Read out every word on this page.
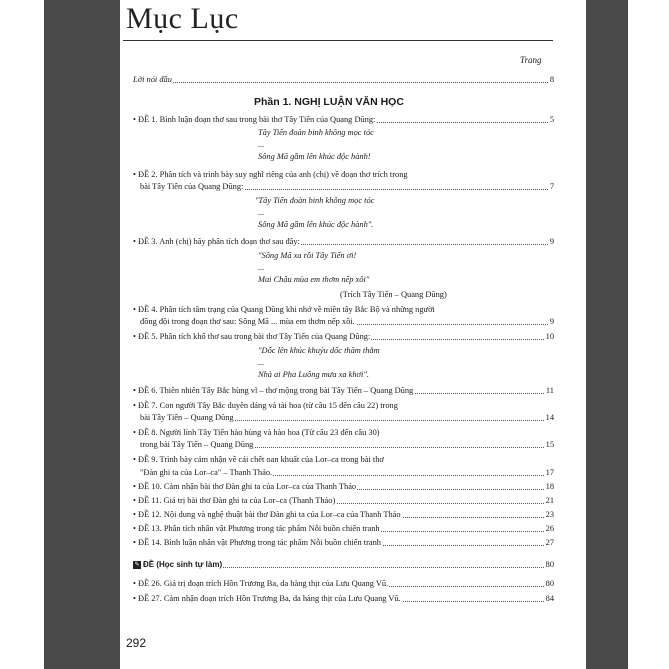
Mục Lục
Trang
Lời nói đầu	8
Phần 1. NGHỊ LUẬN VĂN HỌC
• ĐỀ 1. Bình luận đoạn thơ sau trong bài thơ Tây Tiến của Quang Dũng:	5
Tây Tiến đoàn binh không mọc tóc
...
Sông Mã gầm lên khúc độc hành!
• ĐỀ 2. Phân tích và trình bày suy nghĩ riêng của anh (chị) về đoạn thơ trích trong
bài Tây Tiến của Quang Dũng:	7
"Tây Tiến đoàn binh không mọc tóc
...
Sông Mã gầm lên khúc độc hành".
• ĐỀ 3. Anh (chị) hãy phân tích đoạn thơ sau đây:	9
"Sông Mã xa rồi Tây Tiến ơi!
...
Mai Châu mùa em thơm nếp xôi"
(Trích Tây Tiến – Quang Dũng)
• ĐỀ 4. Phân tích tâm trạng của Quang Dũng khi nhớ về miền tây Bắc Bộ và những người
đồng đội trong đoạn thơ sau: Sông Mã ... mùa em thơm nếp xôi.	9
• ĐỀ 5. Phân tích khổ thơ sau trong bài thơ Tây Tiến của Quang Dũng:	10
"Dốc lên khúc khuỷu dốc thăm thẳm
...
Nhà ai Pha Luông mưa xa khơi".
• ĐỀ 6. Thiên nhiên Tây Bắc hùng vĩ – thơ mộng trong bài Tây Tiến – Quang Dũng	11
• ĐỀ 7. Con người Tây Bắc duyên dáng và tài hoa (từ câu 15 đến câu 22) trong
bài Tây Tiến – Quang Dũng	14
• ĐỀ 8. Người lính Tây Tiến hào hùng và hào hoa (Từ câu 23 đến câu 30)
trong bài Tây Tiến – Quang Dũng	15
• ĐỀ 9. Trình bày cảm nhận về cái chết oan khuất của Lor–ca trong bài thơ
"Đàn ghi ta của Lor–ca" – Thanh Thảo.	17
• ĐỀ 10. Cảm nhận bài thơ Đàn ghi ta của Lor–ca của Thanh Thảo	18
• ĐỀ 11. Giá trị bài thơ Đàn ghi ta của Lor–ca (Thanh Thảo)	21
• ĐỀ 12. Nội dung và nghệ thuật bài thơ Đàn ghi ta của Lor–ca của Thanh Thảo	23
• ĐỀ 13. Phân tích nhân vật Phương trong tác phẩm Nỗi buồn chiến tranh	26
• ĐỀ 14. Bình luận nhân vật Phương trong tác phẩm Nỗi buồn chiến tranh	27
✎ ĐỀ (Học sinh tự làm)	80
• ĐỀ 26. Giá trị đoạn trích Hồn Trương Ba, da hàng thịt của Lưu Quang Vũ.	80
• ĐỀ 27. Cảm nhận đoạn trích Hồn Trương Ba, da hàng thịt của Lưu Quang Vũ.	84
292
